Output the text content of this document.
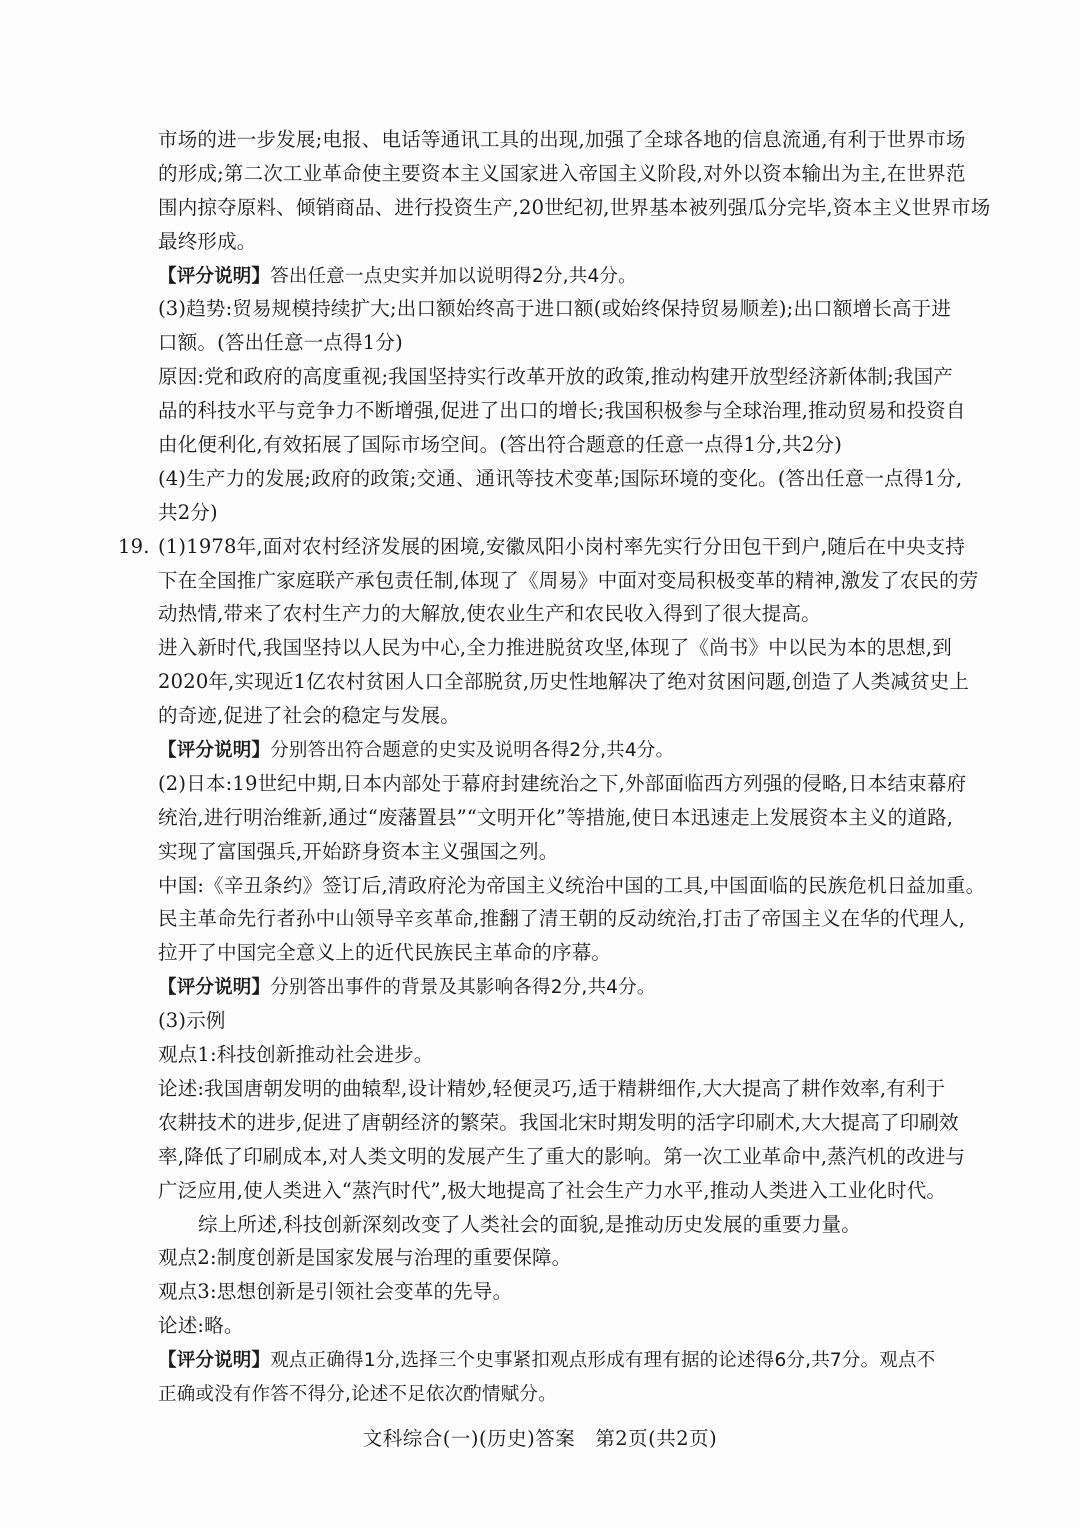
市场的进一步发展;电报、电话等通讯工具的出现,加强了全球各地的信息流通,有利于世界市场
的形成;第二次工业革命使主要资本主义国家进入帝国主义阶段,对外以资本输出为主,在世界范
围内掠夺原料、倾销商品、进行投资生产,20世纪初,世界基本被列强瓜分完毕,资本主义世界市场
最终形成。
【评分说明】答出任意一点史实并加以说明得2分,共4分。
(3)趋势:贸易规模持续扩大;出口额始终高于进口额(或始终保持贸易顺差);出口额增长高于进
口额。(答出任意一点得1分)
原因:党和政府的高度重视;我国坚持实行改革开放的政策,推动构建开放型经济新体制;我国产
品的科技水平与竞争力不断增强,促进了出口的增长;我国积极参与全球治理,推动贸易和投资自
由化便利化,有效拓展了国际市场空间。(答出符合题意的任意一点得1分,共2分)
(4)生产力的发展;政府的政策;交通、通讯等技术变革;国际环境的变化。(答出任意一点得1分,
共2分)
19. (1)1978年,面对农村经济发展的困境,安徽凤阳小岗村率先实行分田包干到户,随后在中央支持
下在全国推广家庭联产承包责任制,体现了《周易》中面对变局积极变革的精神,激发了农民的劳
动热情,带来了农村生产力的大解放,使农业生产和农民收入得到了很大提高。
进入新时代,我国坚持以人民为中心,全力推进脱贫攻坚,体现了《尚书》中以民为本的思想,到
2020年,实现近1亿农村贫困人口全部脱贫,历史性地解决了绝对贫困问题,创造了人类减贫史上
的奇迹,促进了社会的稳定与发展。
【评分说明】分别答出符合题意的史实及说明各得2分,共4分。
(2)日本:19世纪中期,日本内部处于幕府封建统治之下,外部面临西方列强的侵略,日本结束幕府
统治,进行明治维新,通过“废藩置县”“文明开化”等措施,使日本迅速走上发展资本主义的道路,
实现了富国强兵,开始跻身资本主义强国之列。
中国:《辛丑条约》签订后,清政府沦为帝国主义统治中国的工具,中国面临的民族危机日益加重。
民主革命先行者孙中山领导辛亥革命,推翻了清王朝的反动统治,打击了帝国主义在华的代理人,
拉开了中国完全意义上的近代民族民主革命的序幕。
【评分说明】分别答出事件的背景及其影响各得2分,共4分。
(3)示例
观点1:科技创新推动社会进步。
论述:我国唐朝发明的曲辕犁,设计精妙,轻便灵巧,适于精耕细作,大大提高了耕作效率,有利于
农耕技术的进步,促进了唐朝经济的繁荣。我国北宋时期发明的活字印刷术,大大提高了印刷效
率,降低了印刷成本,对人类文明的发展产生了重大的影响。第一次工业革命中,蒸汽机的改进与
广泛应用,使人类进入“蒸汽时代”,极大地提高了社会生产力水平,推动人类进入工业化时代。
综上所述,科技创新深刻改变了人类社会的面貌,是推动历史发展的重要力量。
观点2:制度创新是国家发展与治理的重要保障。
观点3:思想创新是引领社会变革的先导。
论述:略。
【评分说明】观点正确得1分,选择三个史事紧扣观点形成有理有据的论述得6分,共7分。观点不
正确或没有作答不得分,论述不足依次酌情赋分。
文科综合(一)(历史)答案　第2页(共2页)
